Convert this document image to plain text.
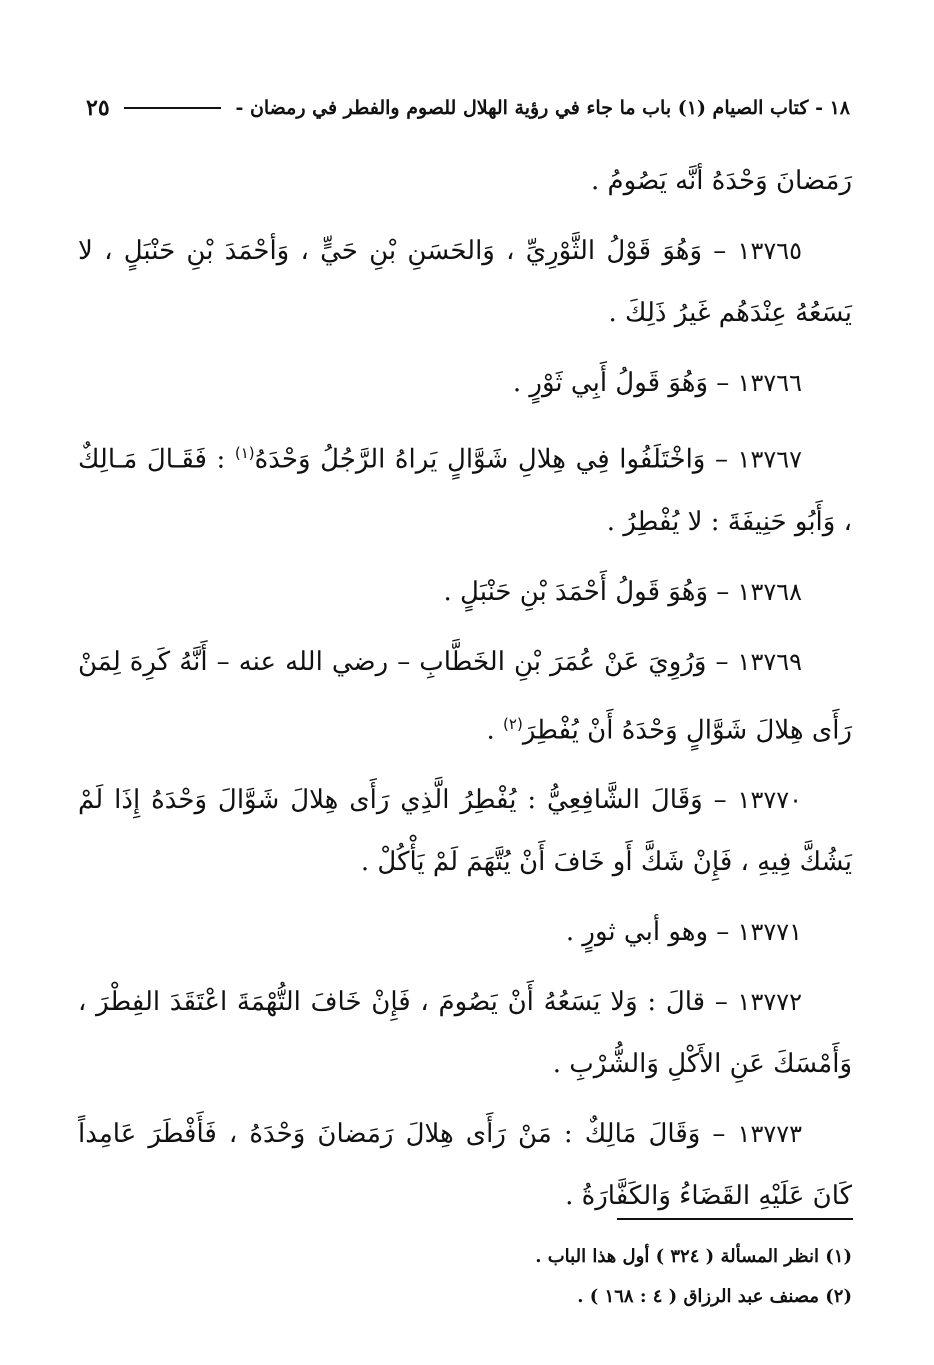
١٨ - كتاب الصيام (١) باب ما جاء في رؤية الهلال للصوم والفطر في رمضان -
٢٥

رَمَضانَ وَحْدَهُ أنَّه يَصُومُ .

١٣٧٦٥ – وَهُوَ قَوْلُ الثَّوْرِيِّ ، وَالحَسَنِ بْنِ حَيٍّ ، وَأحْمَدَ بْنِ حَنْبَلٍ ، لا يَسَعُهُ عِنْدَهُم غَيرُ ذَلِكَ .

١٣٧٦٦ – وَهُوَ قَولُ أَبِي ثَوْرٍ .

١٣٧٦٧ – وَاخْتَلَفُوا فِي هِلالِ شَوَّالٍ يَراهُ الرَّجُلُ وَحْدَهُ$^{(١)}$ : فَقَـالَ مَـالِكٌ ، وَأَبُو حَنِيفَةَ : لا يُفْطِرُ .

١٣٧٦٨ – وَهُوَ قَولُ أَحْمَدَ بْنِ حَنْبَلٍ .

١٣٧٦٩ – وَرُوِيَ عَنْ عُمَرَ بْنِ الخَطَّابِ – رضي الله عنه – أَنَّهُ كَرِهَ لِمَنْ رَأَى هِلالَ شَوَّالٍ وَحْدَهُ أَنْ يُفْطِرَ$^{(٢)}$ .

١٣٧٧٠ – وَقَالَ الشَّافِعِيُّ : يُفْطِرُ الَّذِي رَأَى هِلالَ شَوَّالَ وَحْدَهُ إِذَا لَمْ يَشُكَّ فِيهِ ، فَإِنْ شَكَّ أَو خَافَ أَنْ يُتَّهَمَ لَمْ يَأْكُلْ .

١٣٧٧١ – وهو أبي ثورٍ .

١٣٧٧٢ – قالَ : وَلا يَسَعُهُ أَنْ يَصُومَ ، فَإِنْ خَافَ التُّهْمَةَ اعْتَقَدَ الفِطْرَ ، وَأَمْسَكَ عَنِ الأَكْلِ وَالشُّرْبِ .

١٣٧٧٣ – وَقَالَ مَالِكٌ : مَنْ رَأَى هِلالَ رَمَضانَ وَحْدَهُ ، فَأَفْطَرَ عَامِداً كَانَ عَلَيْهِ القَضَاءُ وَالكَفَّارَةُ .

(١) انظر المسألة ( ٣٢٤ ) أول هذا الباب .

(٢) مصنف عبد الرزاق ( ٤ : ١٦٨ ) .
